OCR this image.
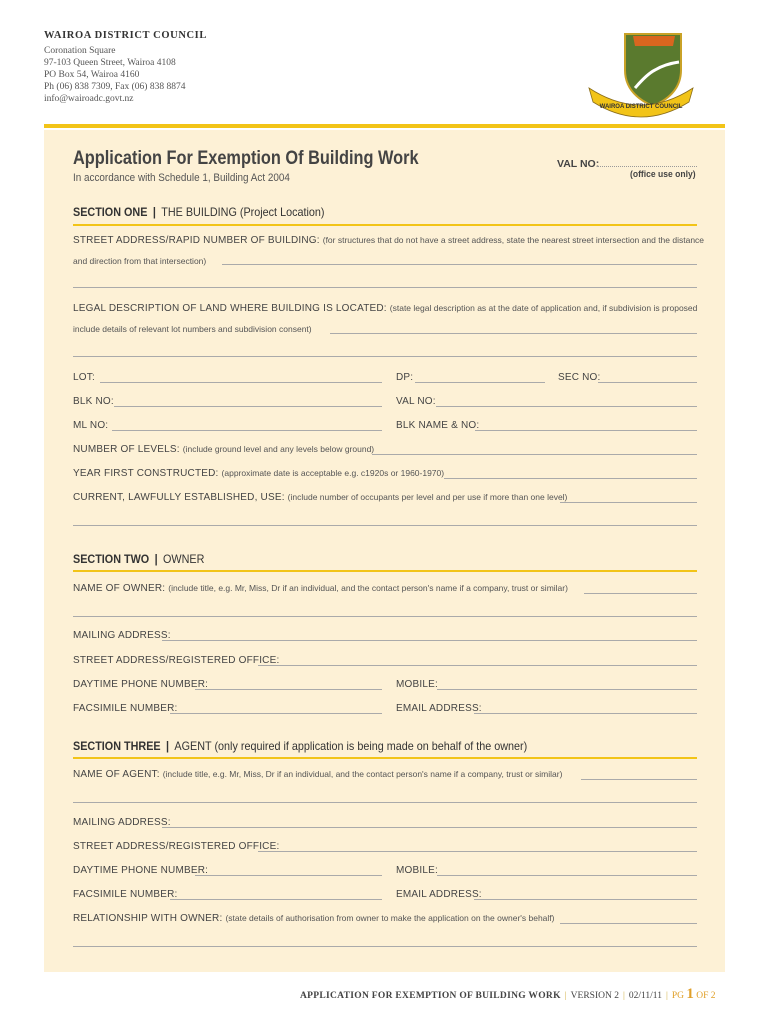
WAIROA DISTRICT COUNCIL
Coronation Square
97-103 Queen Street, Wairoa 4108
PO Box 54, Wairoa 4160
Ph (06) 838 7309, Fax (06) 838 8874
info@wairoadc.govt.nz
WAIROA DISTRICT COUNCIL
Application For Exemption Of Building Work
In accordance with Schedule 1, Building Act 2004
VAL NO:
(office use only)
SECTION ONE | THE BUILDING (Project Location)
STREET ADDRESS/RAPID NUMBER OF BUILDING: (for structures that do not have a street address, state the nearest street intersection and the distance
and direction from that intersection)
LEGAL DESCRIPTION OF LAND WHERE BUILDING IS LOCATED: (state legal description as at the date of application and, if subdivision is proposed
include details of relevant lot numbers and subdivision consent)
LOT:	DP:	SEC NO:
BLK NO:	VAL NO:
ML NO:	BLK NAME & NO:
NUMBER OF LEVELS: (include ground level and any levels below ground)
YEAR FIRST CONSTRUCTED: (approximate date is acceptable e.g. c1920s or 1960-1970)
CURRENT, LAWFULLY ESTABLISHED, USE: (include number of occupants per level and per use if more than one level)
SECTION TWO | OWNER
NAME OF OWNER: (include title, e.g. Mr, Miss, Dr if an individual, and the contact person's name if a company, trust or similar)
MAILING ADDRESS:
STREET ADDRESS/REGISTERED OFFICE:
DAYTIME PHONE NUMBER:	MOBILE:
FACSIMILE NUMBER:	EMAIL ADDRESS:
SECTION THREE | AGENT (only required if application is being made on behalf of the owner)
NAME OF AGENT: (include title, e.g. Mr, Miss, Dr if an individual, and the contact person's name if a company, trust or similar)
MAILING ADDRESS:
STREET ADDRESS/REGISTERED OFFICE:
DAYTIME PHONE NUMBER:	MOBILE:
FACSIMILE NUMBER:	EMAIL ADDRESS:
RELATIONSHIP WITH OWNER: (state details of authorisation from owner to make the application on the owner's behalf)
APPLICATION FOR EXEMPTION OF BUILDING WORK | VERSION 2 | 02/11/11 | PG 1 OF 2
